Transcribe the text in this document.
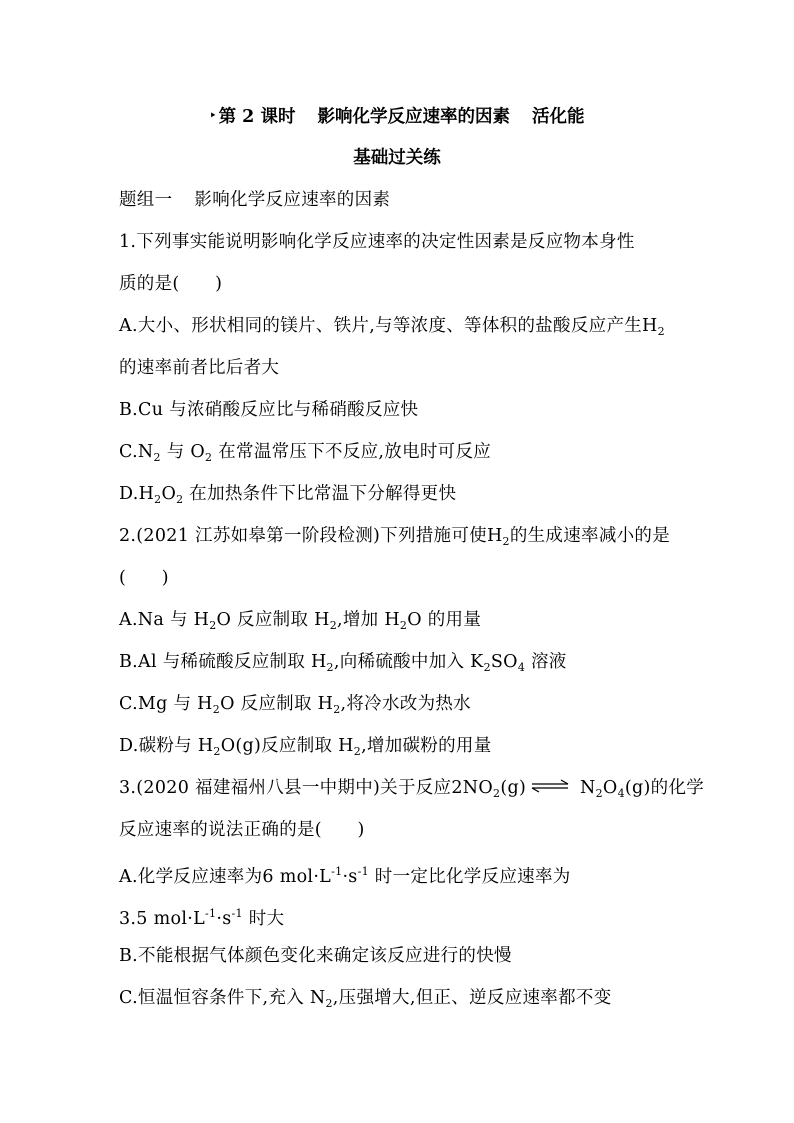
‣ 第 2 课时 影响化学反应速率的因素 活化能
基础过关练
题组一 影响化学反应速率的因素
1.下列事实能说明影响化学反应速率的决定性因素是反应物本身性
质的是(　　)
A.大小、形状相同的镁片、铁片,与等浓度、等体积的盐酸反应产生$H_2$
的速率前者比后者大
B.Cu 与浓硝酸反应比与稀硝酸反应快
$C.N_2$ 与 $O_2$ 在常温常压下不反应,放电时可反应
$D.H_2O_2$ 在加热条件下比常温下分解得更快
2.(2021 江苏如皋第一阶段检测)下列措施可使$H_2$的生成速率减小的是
(　　)
A.Na 与 $H_2O$ 反应制取 $H_2$,增加 $H_2O$ 的用量
B.Al 与稀硫酸反应制取 $H_2$,向稀硫酸中加入 $K_2SO_4$ 溶液
C.Mg 与 $H_2O$ 反应制取 $H_2$,将冷水改为热水
D.碳粉与 $H_2O(g)$反应制取 $H_2$,增加碳粉的用量
3.(2020 福建福州八县一中期中)关于反应$2NO_2(g)$ ⇌ $N_2O_4(g)$的化学
反应速率的说法正确的是(　　)
A.化学反应速率为6 $mol\cdot L^{-1}\cdot s^{-1}$ 时一定比化学反应速率为
3.5 $mol\cdot L^{-1}\cdot s^{-1}$ 时大
B.不能根据气体颜色变化来确定该反应进行的快慢
C.恒温恒容条件下,充入 $N_2$,压强增大,但正、逆反应速率都不变
